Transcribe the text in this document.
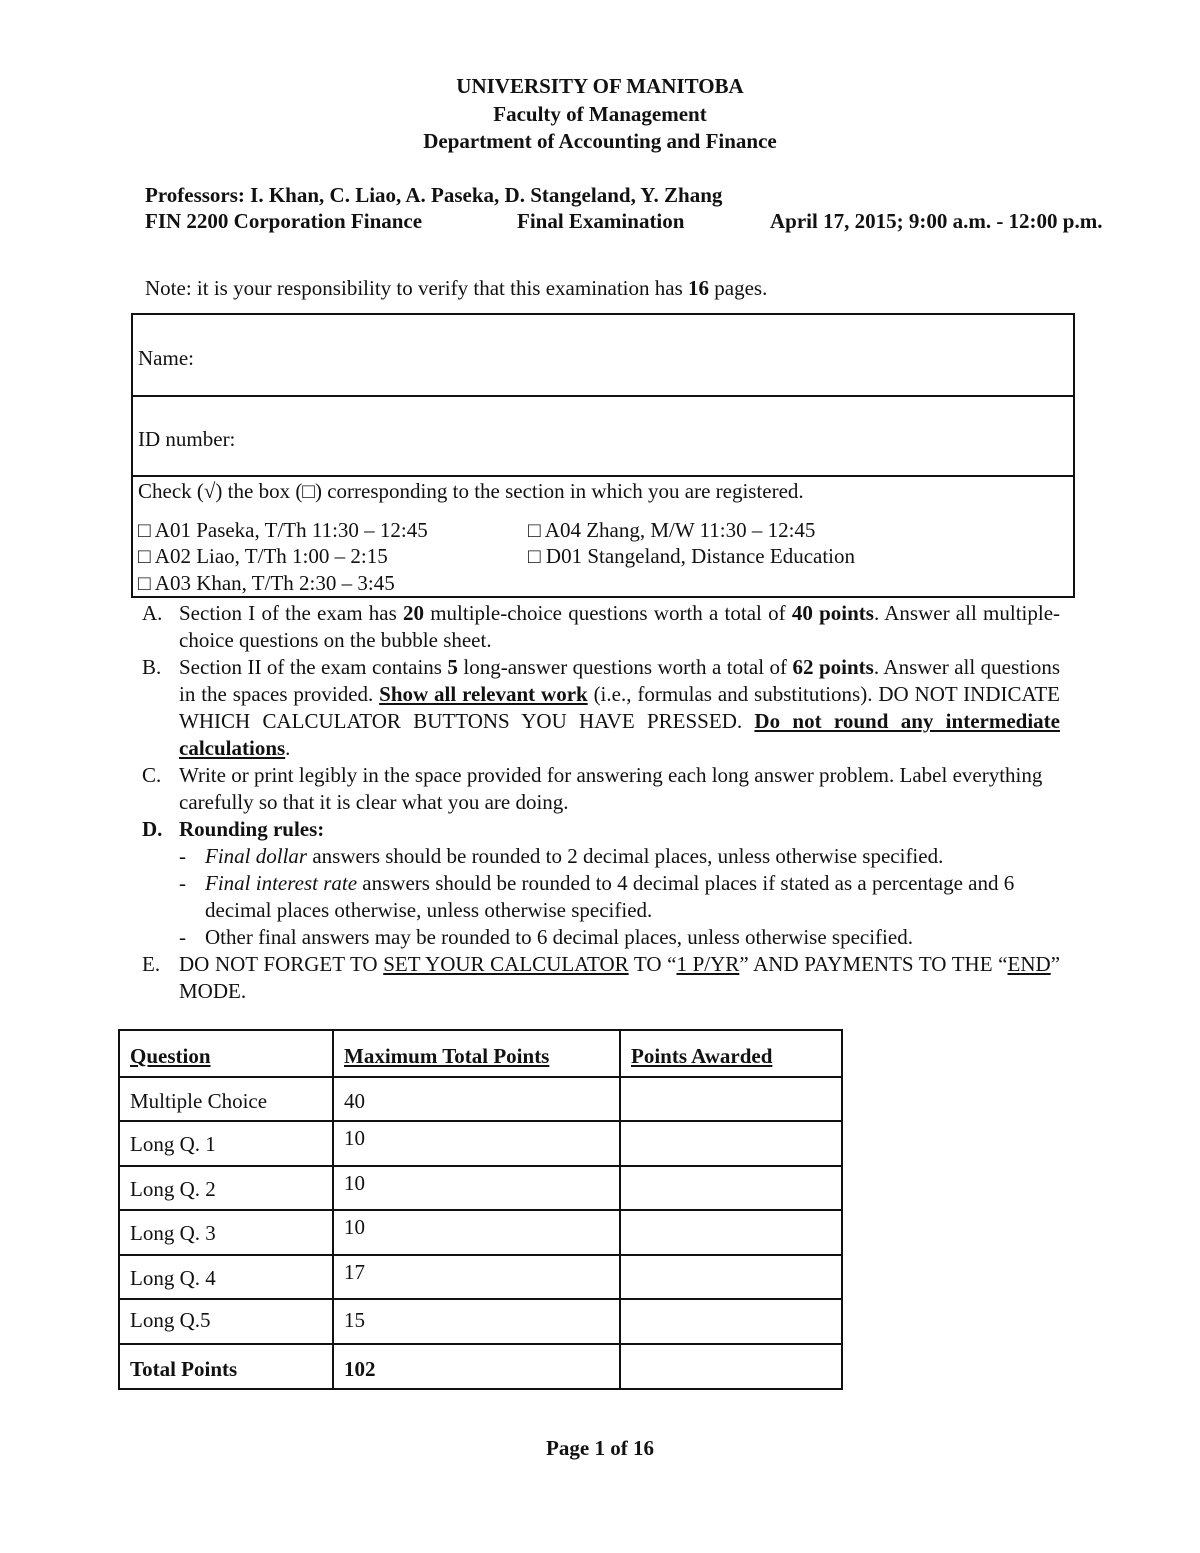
UNIVERSITY OF MANITOBA
Faculty of Management
Department of Accounting and Finance
Professors: I. Khan, C. Liao, A. Paseka, D. Stangeland, Y. Zhang
FIN 2200 Corporation Finance	Final Examination	April 17, 2015; 9:00 a.m. - 12:00 p.m.
Note: it is your responsibility to verify that this examination has 16 pages.
Name:
ID number:
Check (√) the box (□) corresponding to the section in which you are registered.
□ A01 Paseka, T/Th 11:30 – 12:45
□ A02 Liao, T/Th 1:00 – 2:15
□ A03 Khan, T/Th 2:30 – 3:45
□ A04 Zhang, M/W 11:30 – 12:45
□ D01 Stangeland, Distance Education
A. Section I of the exam has 20 multiple-choice questions worth a total of 40 points. Answer all multiple-choice questions on the bubble sheet.
B. Section II of the exam contains 5 long-answer questions worth a total of 62 points. Answer all questions in the spaces provided. Show all relevant work (i.e., formulas and substitutions). DO NOT INDICATE WHICH CALCULATOR BUTTONS YOU HAVE PRESSED. Do not round any intermediate calculations.
C. Write or print legibly in the space provided for answering each long answer problem. Label everything carefully so that it is clear what you are doing.
D. Rounding rules:
- Final dollar answers should be rounded to 2 decimal places, unless otherwise specified.
- Final interest rate answers should be rounded to 4 decimal places if stated as a percentage and 6 decimal places otherwise, unless otherwise specified.
- Other final answers may be rounded to 6 decimal places, unless otherwise specified.
E. DO NOT FORGET TO SET YOUR CALCULATOR TO “1 P/YR” AND PAYMENTS TO THE “END” MODE.
Question	Maximum Total Points	Points Awarded
Multiple Choice	40	
Long Q. 1	10	
Long Q. 2	10	
Long Q. 3	10	
Long Q. 4	17	
Long Q.5	15	
Total Points	102	
Page 1 of 16
